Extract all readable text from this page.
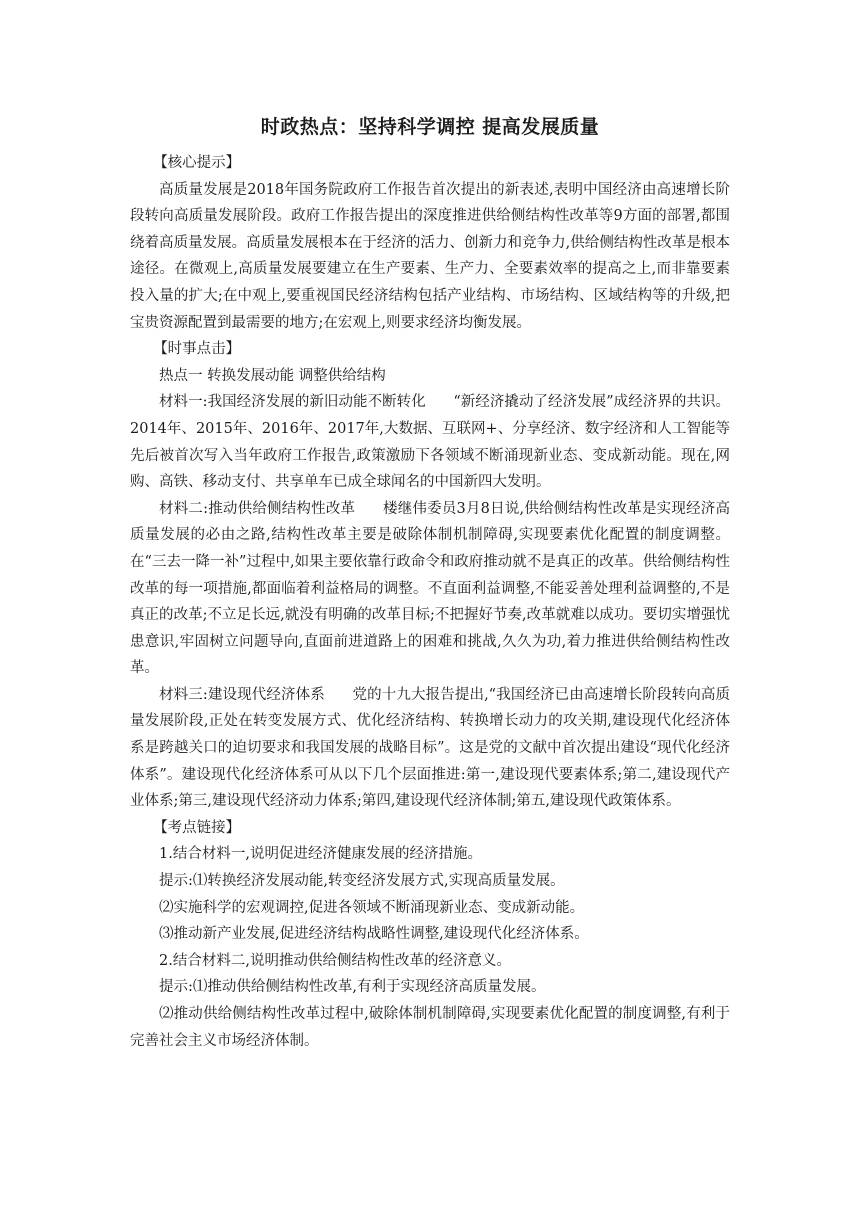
时政热点：坚持科学调控 提高发展质量

【核心提示】

高质量发展是2018年国务院政府工作报告首次提出的新表述,表明中国经济由高速增长阶段转向高质量发展阶段。政府工作报告提出的深度推进供给侧结构性改革等9方面的部署,都围绕着高质量发展。高质量发展根本在于经济的活力、创新力和竞争力,供给侧结构性改革是根本途径。在微观上,高质量发展要建立在生产要素、生产力、全要素效率的提高之上,而非靠要素投入量的扩大;在中观上,要重视国民经济结构包括产业结构、市场结构、区域结构等的升级,把宝贵资源配置到最需要的地方;在宏观上,则要求经济均衡发展。

【时事点击】

热点一 转换发展动能 调整供给结构

材料一:我国经济发展的新旧动能不断转化 “新经济撬动了经济发展”成经济界的共识。2014年、2015年、2016年、2017年,大数据、互联网+、分享经济、数字经济和人工智能等先后被首次写入当年政府工作报告,政策激励下各领域不断涌现新业态、变成新动能。现在,网购、高铁、移动支付、共享单车已成全球闻名的中国新四大发明。

材料二:推动供给侧结构性改革 楼继伟委员3月8日说,供给侧结构性改革是实现经济高质量发展的必由之路,结构性改革主要是破除体制机制障碍,实现要素优化配置的制度调整。在“三去一降一补”过程中,如果主要依靠行政命令和政府推动就不是真正的改革。供给侧结构性改革的每一项措施,都面临着利益格局的调整。不直面利益调整,不能妥善处理利益调整的,不是真正的改革;不立足长远,就没有明确的改革目标;不把握好节奏,改革就难以成功。要切实增强忧患意识,牢固树立问题导向,直面前进道路上的困难和挑战,久久为功,着力推进供给侧结构性改革。

材料三:建设现代经济体系 党的十九大报告提出,“我国经济已由高速增长阶段转向高质量发展阶段,正处在转变发展方式、优化经济结构、转换增长动力的攻关期,建设现代化经济体系是跨越关口的迫切要求和我国发展的战略目标”。这是党的文献中首次提出建设“现代化经济体系”。建设现代化经济体系可从以下几个层面推进:第一,建设现代要素体系;第二,建设现代产业体系;第三,建设现代经济动力体系;第四,建设现代经济体制;第五,建设现代政策体系。

【考点链接】

1.结合材料一,说明促进经济健康发展的经济措施。

提示:⑴转换经济发展动能,转变经济发展方式,实现高质量发展。

⑵实施科学的宏观调控,促进各领域不断涌现新业态、变成新动能。

⑶推动新产业发展,促进经济结构战略性调整,建设现代化经济体系。

2.结合材料二,说明推动供给侧结构性改革的经济意义。

提示:⑴推动供给侧结构性改革,有利于实现经济高质量发展。

⑵推动供给侧结构性改革过程中,破除体制机制障碍,实现要素优化配置的制度调整,有利于完善社会主义市场经济体制。
